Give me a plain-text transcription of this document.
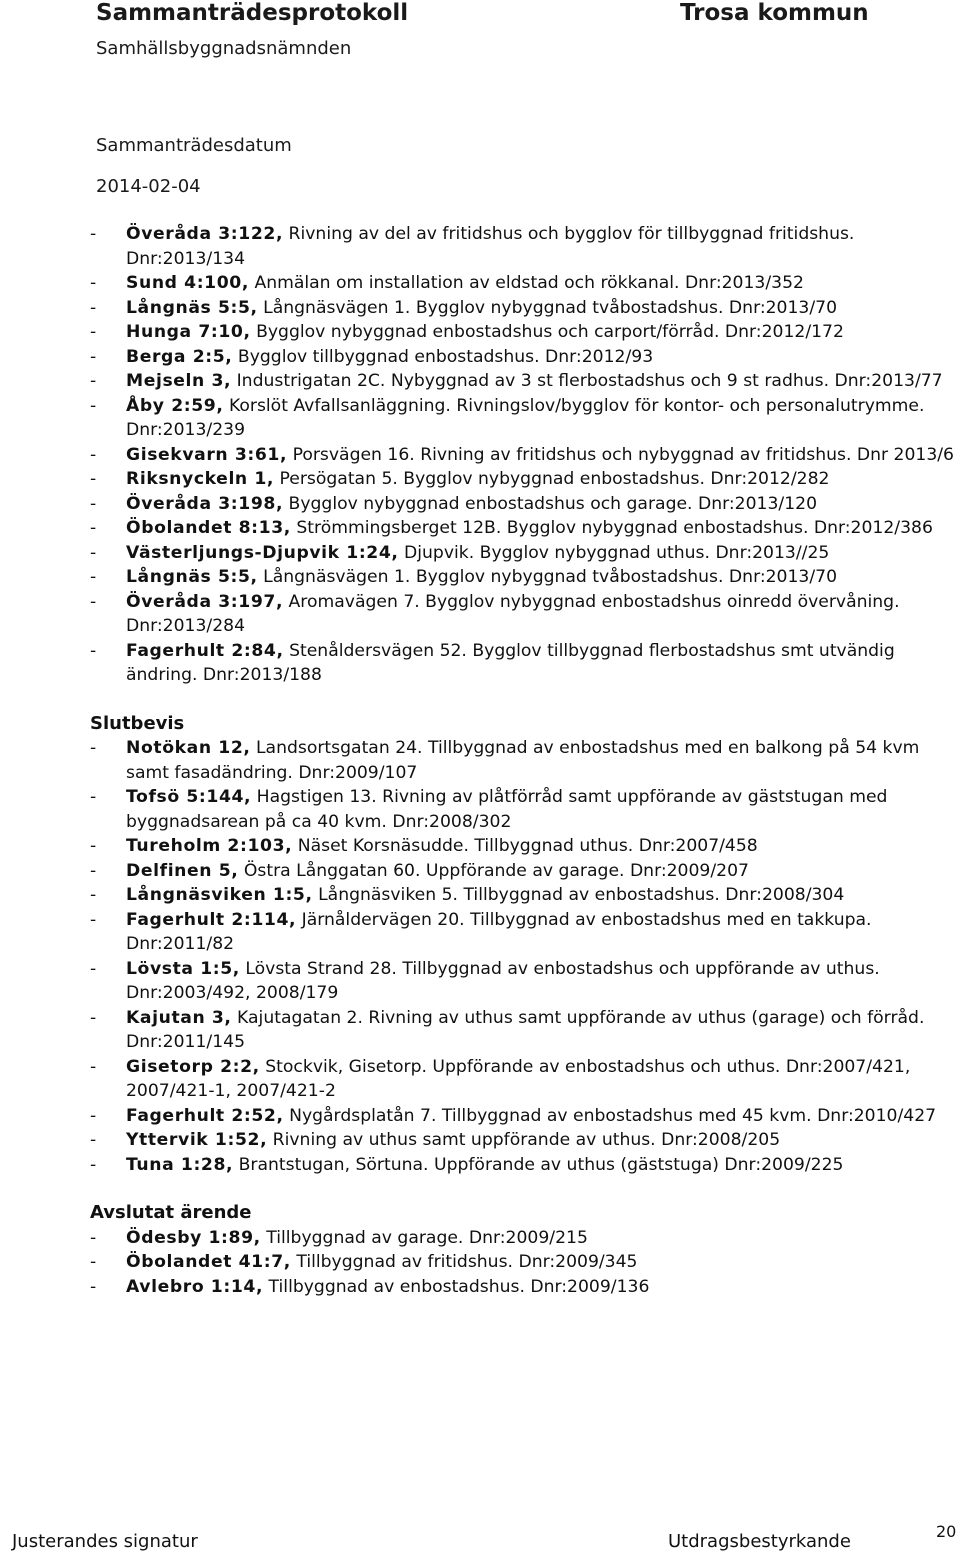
Sammanträdesprotokoll	Trosa kommun
Samhällsbyggnadsnämnden
Sammanträdesdatum
2014-02-04
- Överåda 3:122, Rivning av del av fritidshus och bygglov för tillbyggnad fritidshus. Dnr:2013/134
- Sund 4:100, Anmälan om installation av eldstad och rökkanal. Dnr:2013/352
- Långnäs 5:5, Långnäsvägen 1. Bygglov nybyggnad tvåbostadshus. Dnr:2013/70
- Hunga 7:10, Bygglov nybyggnad enbostadshus och carport/förråd. Dnr:2012/172
- Berga 2:5, Bygglov tillbyggnad enbostadshus. Dnr:2012/93
- Mejseln 3, Industrigatan 2C. Nybyggnad av 3 st flerbostadshus och 9 st radhus. Dnr:2013/77
- Åby 2:59, Korslöt Avfallsanläggning. Rivningslov/bygglov för kontor- och personalutrymme. Dnr:2013/239
- Gisekvarn 3:61, Porsvägen 16. Rivning av fritidshus och nybyggnad av fritidshus. Dnr 2013/6
- Riksnyckeln 1, Persögatan 5. Bygglov nybyggnad enbostadshus. Dnr:2012/282
- Överåda 3:198, Bygglov nybyggnad enbostadshus och garage. Dnr:2013/120
- Öbolandet 8:13, Strömmingsberget 12B. Bygglov nybyggnad enbostadshus. Dnr:2012/386
- Västerljungs-Djupvik 1:24, Djupvik. Bygglov nybyggnad uthus. Dnr:2013//25
- Långnäs 5:5, Långnäsvägen 1. Bygglov nybyggnad tvåbostadshus. Dnr:2013/70
- Överåda 3:197, Aromavägen 7. Bygglov nybyggnad enbostadshus oinredd övervåning. Dnr:2013/284
- Fagerhult 2:84, Stenåldersvägen 52. Bygglov tillbyggnad flerbostadshus smt utvändig ändring. Dnr:2013/188
Slutbevis
- Notökan 12, Landsortsgatan 24. Tillbyggnad av enbostadshus med en balkong på 54 kvm samt fasadändring. Dnr:2009/107
- Tofsö 5:144, Hagstigen 13. Rivning av plåtförråd samt uppförande av gäststugan med byggnadsarean på ca 40 kvm. Dnr:2008/302
- Tureholm 2:103, Näset Korsnäsudde. Tillbyggnad uthus. Dnr:2007/458
- Delfinen 5, Östra Långgatan 60. Uppförande av garage. Dnr:2009/207
- Långnäsviken 1:5, Långnäsviken 5. Tillbyggnad av enbostadshus. Dnr:2008/304
- Fagerhult 2:114, Järnåldervägen 20. Tillbyggnad av enbostadshus med en takkupa. Dnr:2011/82
- Lövsta 1:5, Lövsta Strand 28. Tillbyggnad av enbostadshus och uppförande av uthus. Dnr:2003/492, 2008/179
- Kajutan 3, Kajutagatan 2. Rivning av uthus samt uppförande av uthus (garage) och förråd. Dnr:2011/145
- Gisetorp 2:2, Stockvik, Gisetorp. Uppförande av enbostadshus och uthus. Dnr:2007/421, 2007/421-1, 2007/421-2
- Fagerhult 2:52, Nygårdsplatån 7. Tillbyggnad av enbostadshus med 45 kvm. Dnr:2010/427
- Yttervik 1:52, Rivning av uthus samt uppförande av uthus. Dnr:2008/205
- Tuna 1:28, Brantstugan, Sörtuna. Uppförande av uthus (gäststuga) Dnr:2009/225
Avslutat ärende
- Ödesby 1:89, Tillbyggnad av garage. Dnr:2009/215
- Öbolandet 41:7, Tillbyggnad av fritidshus. Dnr:2009/345
- Avlebro 1:14, Tillbyggnad av enbostadshus. Dnr:2009/136
Justerandes signatur	Utdragsbestyrkande	20
